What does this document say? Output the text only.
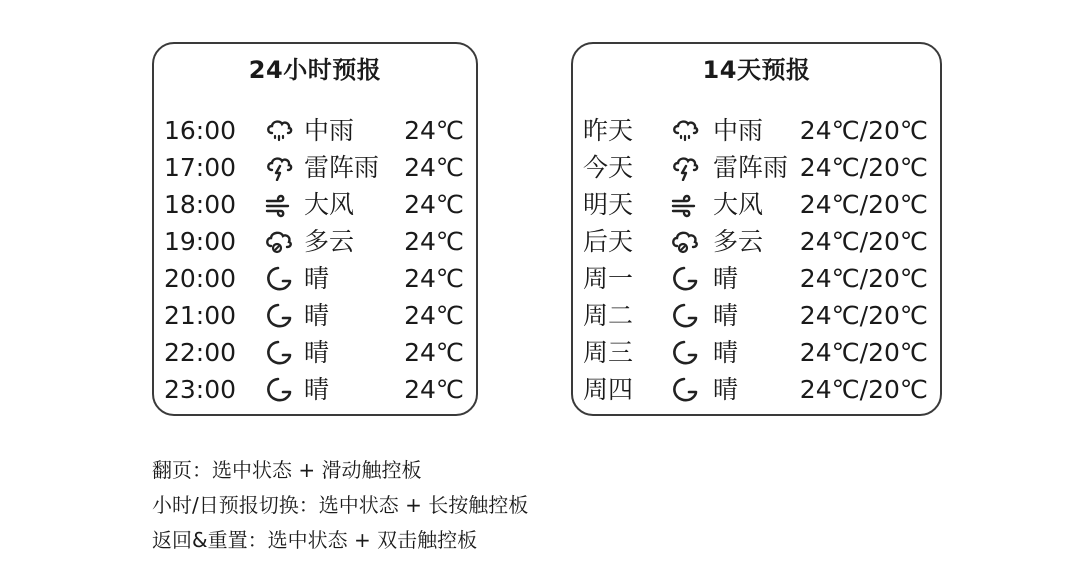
24小时预报
16:00	中雨 24℃
17:00	雷阵雨 24℃
18:00	大风 24℃
19:00	多云 24℃
20:00	晴	24℃
21:00	晴	24℃
22:00	晴	24℃
23:00	晴	24℃
14天预报
昨天	中雨 24℃/20℃
今天	雷阵雨 24℃/20℃
明天	大风 24℃/20℃
后天	多云 24℃/20℃
周一	晴 24℃/20℃
周二	晴 24℃/20℃
周三	晴 24℃/20℃
周四	晴 24℃/20℃
翻页：选中状态 + 滑动触控板
小时/日预报切换：选中状态 + 长按触控板
返回&重置：选中状态 + 双击触控板
